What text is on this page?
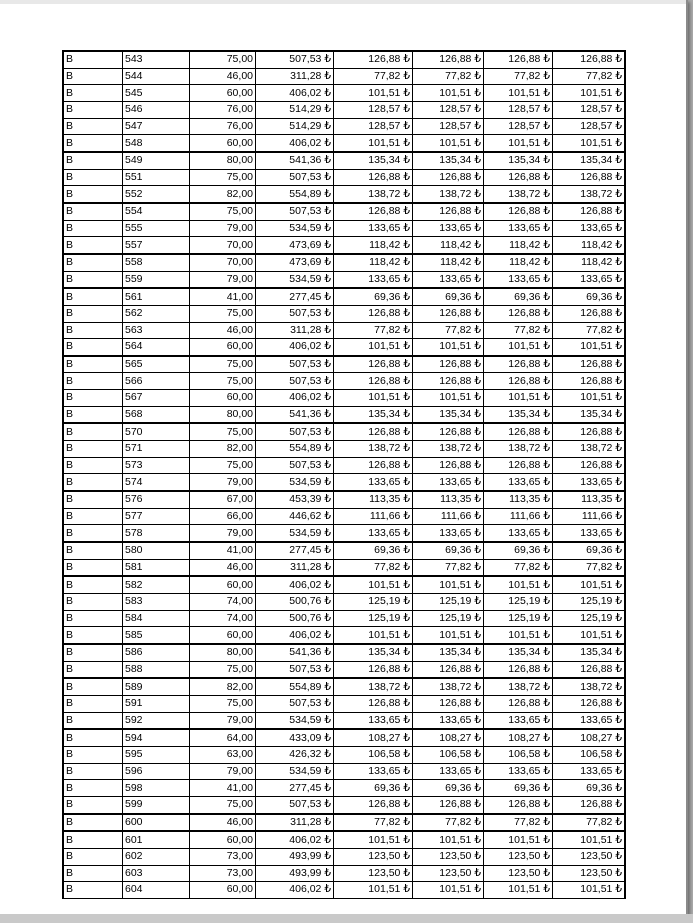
B	543	75,00	507,53 ₺	126,88 ₺	126,88 ₺	126,88 ₺	126,88 ₺
B	544	46,00	311,28 ₺	77,82 ₺	77,82 ₺	77,82 ₺	77,82 ₺
B	545	60,00	406,02 ₺	101,51 ₺	101,51 ₺	101,51 ₺	101,51 ₺
B	546	76,00	514,29 ₺	128,57 ₺	128,57 ₺	128,57 ₺	128,57 ₺
B	547	76,00	514,29 ₺	128,57 ₺	128,57 ₺	128,57 ₺	128,57 ₺
B	548	60,00	406,02 ₺	101,51 ₺	101,51 ₺	101,51 ₺	101,51 ₺
B	549	80,00	541,36 ₺	135,34 ₺	135,34 ₺	135,34 ₺	135,34 ₺
B	551	75,00	507,53 ₺	126,88 ₺	126,88 ₺	126,88 ₺	126,88 ₺
B	552	82,00	554,89 ₺	138,72 ₺	138,72 ₺	138,72 ₺	138,72 ₺
B	554	75,00	507,53 ₺	126,88 ₺	126,88 ₺	126,88 ₺	126,88 ₺
B	555	79,00	534,59 ₺	133,65 ₺	133,65 ₺	133,65 ₺	133,65 ₺
B	557	70,00	473,69 ₺	118,42 ₺	118,42 ₺	118,42 ₺	118,42 ₺
B	558	70,00	473,69 ₺	118,42 ₺	118,42 ₺	118,42 ₺	118,42 ₺
B	559	79,00	534,59 ₺	133,65 ₺	133,65 ₺	133,65 ₺	133,65 ₺
B	561	41,00	277,45 ₺	69,36 ₺	69,36 ₺	69,36 ₺	69,36 ₺
B	562	75,00	507,53 ₺	126,88 ₺	126,88 ₺	126,88 ₺	126,88 ₺
B	563	46,00	311,28 ₺	77,82 ₺	77,82 ₺	77,82 ₺	77,82 ₺
B	564	60,00	406,02 ₺	101,51 ₺	101,51 ₺	101,51 ₺	101,51 ₺
B	565	75,00	507,53 ₺	126,88 ₺	126,88 ₺	126,88 ₺	126,88 ₺
B	566	75,00	507,53 ₺	126,88 ₺	126,88 ₺	126,88 ₺	126,88 ₺
B	567	60,00	406,02 ₺	101,51 ₺	101,51 ₺	101,51 ₺	101,51 ₺
B	568	80,00	541,36 ₺	135,34 ₺	135,34 ₺	135,34 ₺	135,34 ₺
B	570	75,00	507,53 ₺	126,88 ₺	126,88 ₺	126,88 ₺	126,88 ₺
B	571	82,00	554,89 ₺	138,72 ₺	138,72 ₺	138,72 ₺	138,72 ₺
B	573	75,00	507,53 ₺	126,88 ₺	126,88 ₺	126,88 ₺	126,88 ₺
B	574	79,00	534,59 ₺	133,65 ₺	133,65 ₺	133,65 ₺	133,65 ₺
B	576	67,00	453,39 ₺	113,35 ₺	113,35 ₺	113,35 ₺	113,35 ₺
B	577	66,00	446,62 ₺	111,66 ₺	111,66 ₺	111,66 ₺	111,66 ₺
B	578	79,00	534,59 ₺	133,65 ₺	133,65 ₺	133,65 ₺	133,65 ₺
B	580	41,00	277,45 ₺	69,36 ₺	69,36 ₺	69,36 ₺	69,36 ₺
B	581	46,00	311,28 ₺	77,82 ₺	77,82 ₺	77,82 ₺	77,82 ₺
B	582	60,00	406,02 ₺	101,51 ₺	101,51 ₺	101,51 ₺	101,51 ₺
B	583	74,00	500,76 ₺	125,19 ₺	125,19 ₺	125,19 ₺	125,19 ₺
B	584	74,00	500,76 ₺	125,19 ₺	125,19 ₺	125,19 ₺	125,19 ₺
B	585	60,00	406,02 ₺	101,51 ₺	101,51 ₺	101,51 ₺	101,51 ₺
B	586	80,00	541,36 ₺	135,34 ₺	135,34 ₺	135,34 ₺	135,34 ₺
B	588	75,00	507,53 ₺	126,88 ₺	126,88 ₺	126,88 ₺	126,88 ₺
B	589	82,00	554,89 ₺	138,72 ₺	138,72 ₺	138,72 ₺	138,72 ₺
B	591	75,00	507,53 ₺	126,88 ₺	126,88 ₺	126,88 ₺	126,88 ₺
B	592	79,00	534,59 ₺	133,65 ₺	133,65 ₺	133,65 ₺	133,65 ₺
B	594	64,00	433,09 ₺	108,27 ₺	108,27 ₺	108,27 ₺	108,27 ₺
B	595	63,00	426,32 ₺	106,58 ₺	106,58 ₺	106,58 ₺	106,58 ₺
B	596	79,00	534,59 ₺	133,65 ₺	133,65 ₺	133,65 ₺	133,65 ₺
B	598	41,00	277,45 ₺	69,36 ₺	69,36 ₺	69,36 ₺	69,36 ₺
B	599	75,00	507,53 ₺	126,88 ₺	126,88 ₺	126,88 ₺	126,88 ₺
B	600	46,00	311,28 ₺	77,82 ₺	77,82 ₺	77,82 ₺	77,82 ₺
B	601	60,00	406,02 ₺	101,51 ₺	101,51 ₺	101,51 ₺	101,51 ₺
B	602	73,00	493,99 ₺	123,50 ₺	123,50 ₺	123,50 ₺	123,50 ₺
B	603	73,00	493,99 ₺	123,50 ₺	123,50 ₺	123,50 ₺	123,50 ₺
B	604	60,00	406,02 ₺	101,51 ₺	101,51 ₺	101,51 ₺	101,51 ₺
